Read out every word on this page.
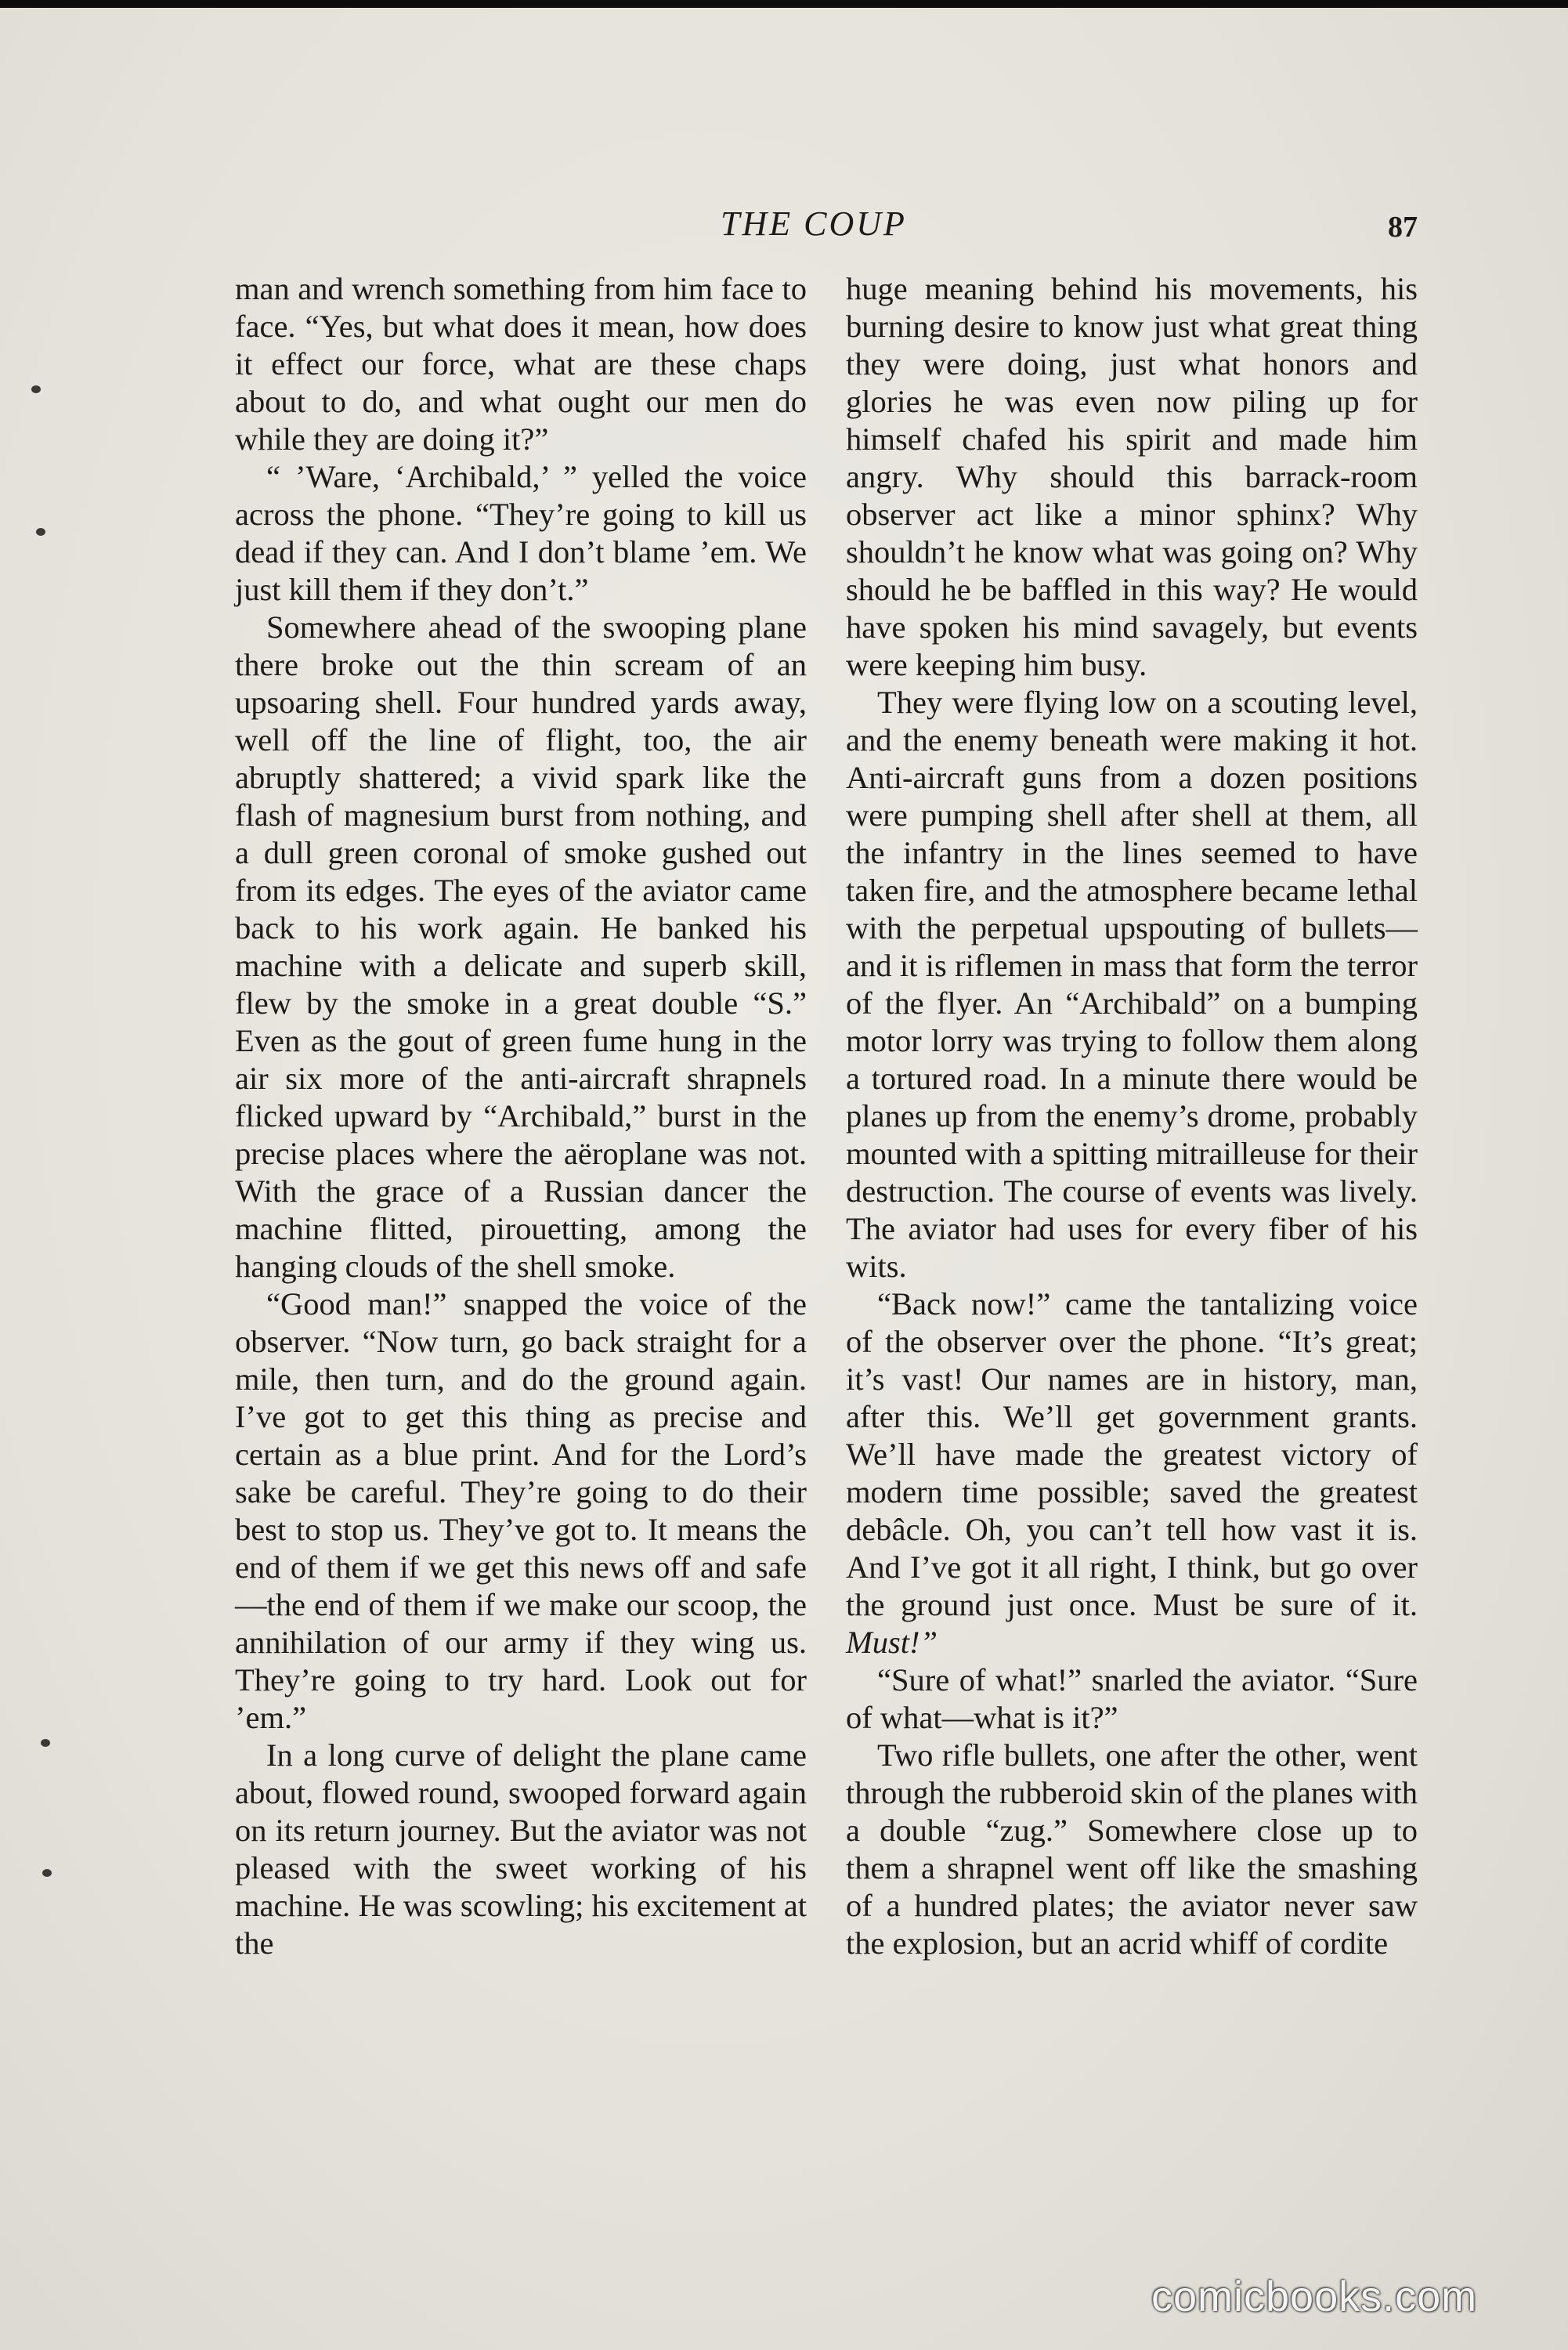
THE COUP	87

man and wrench something from him face to face. “Yes, but what does it mean, how does it effect our force, what are these chaps about to do, and what ought our men do while they are doing it?”

“ ’Ware, ‘Archibald,’ ” yelled the voice across the phone. “They’re going to kill us dead if they can. And I don’t blame ’em. We just kill them if they don’t.”

Somewhere ahead of the swooping plane there broke out the thin scream of an upsoaring shell. Four hundred yards away, well off the line of flight, too, the air abruptly shattered; a vivid spark like the flash of magnesium burst from nothing, and a dull green coronal of smoke gushed out from its edges. The eyes of the aviator came back to his work again. He banked his machine with a delicate and superb skill, flew by the smoke in a great double “S.” Even as the gout of green fume hung in the air six more of the anti-aircraft shrapnels flicked upward by “Archibald,” burst in the precise places where the aëroplane was not. With the grace of a Russian dancer the machine flitted, pirouetting, among the hanging clouds of the shell smoke.

“Good man!” snapped the voice of the observer. “Now turn, go back straight for a mile, then turn, and do the ground again. I’ve got to get this thing as precise and certain as a blue print. And for the Lord’s sake be careful. They’re going to do their best to stop us. They’ve got to. It means the end of them if we get this news off and safe—the end of them if we make our scoop, the annihilation of our army if they wing us. They’re going to try hard. Look out for ’em.”

In a long curve of delight the plane came about, flowed round, swooped forward again on its return journey. But the aviator was not pleased with the sweet working of his machine. He was scowling; his excitement at the

huge meaning behind his movements, his burning desire to know just what great thing they were doing, just what honors and glories he was even now piling up for himself chafed his spirit and made him angry. Why should this barrack-room observer act like a minor sphinx? Why shouldn’t he know what was going on? Why should he be baffled in this way? He would have spoken his mind savagely, but events were keeping him busy.

They were flying low on a scouting level, and the enemy beneath were making it hot. Anti-aircraft guns from a dozen positions were pumping shell after shell at them, all the infantry in the lines seemed to have taken fire, and the atmosphere became lethal with the perpetual upspouting of bullets—and it is riflemen in mass that form the terror of the flyer. An “Archibald” on a bumping motor lorry was trying to follow them along a tortured road. In a minute there would be planes up from the enemy’s drome, probably mounted with a spitting mitrailleuse for their destruction. The course of events was lively. The aviator had uses for every fiber of his wits.

“Back now!” came the tantalizing voice of the observer over the phone. “It’s great; it’s vast! Our names are in history, man, after this. We’ll get government grants. We’ll have made the greatest victory of modern time possible; saved the greatest debâcle. Oh, you can’t tell how vast it is. And I’ve got it all right, I think, but go over the ground just once. Must be sure of it. Must!”

“Sure of what!” snarled the aviator. “Sure of what—what is it?”

Two rifle bullets, one after the other, went through the rubberoid skin of the planes with a double “zug.” Somewhere close up to them a shrapnel went off like the smashing of a hundred plates; the aviator never saw the explosion, but an acrid whiff of cordite

comicbooks.com
